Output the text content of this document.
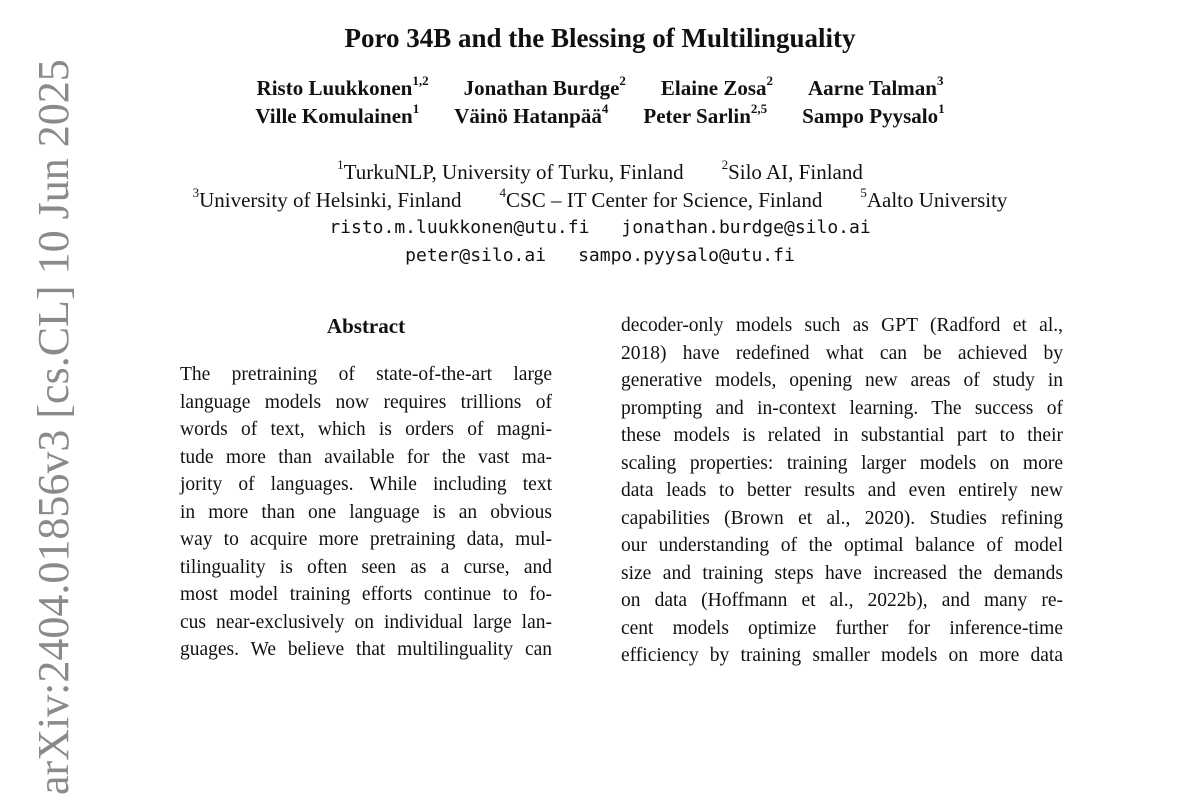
Poro 34B and the Blessing of Multilinguality
Risto Luukkonen$^{1,2}$ Jonathan Burdge$^2$ Elaine Zosa$^2$ Aarne Talman$^3$
Ville Komulainen$^1$ Väinö Hatanpää$^4$ Peter Sarlin$^{2,5}$ Sampo Pyysalo$^1$
$^1$TurkuNLP, University of Turku, Finland	$^2$Silo AI, Finland
$^3$University of Helsinki, Finland	$^4$CSC – IT Center for Science, Finland	$^5$Aalto University
risto.m.luukkonen@utu.fi jonathan.burdge@silo.ai
peter@silo.ai sampo.pyysalo@utu.fi
Abstract
The pretraining of state-of-the-art large
language models now requires trillions of
words of text, which is orders of magni-
tude more than available for the vast ma-
jority of languages. While including text
in more than one language is an obvious
way to acquire more pretraining data, mul-
tilinguality is often seen as a curse, and
most model training efforts continue to fo-
cus near-exclusively on individual large lan-
guages. We believe that multilinguality can
decoder-only models such as GPT (Radford et al.,
2018) have redefined what can be achieved by
generative models, opening new areas of study in
prompting and in-context learning. The success of
these models is related in substantial part to their
scaling properties: training larger models on more
data leads to better results and even entirely new
capabilities (Brown et al., 2020). Studies refining
our understanding of the optimal balance of model
size and training steps have increased the demands
on data (Hoffmann et al., 2022b), and many re-
cent models optimize further for inference-time
efficiency by training smaller models on more data
arXiv:2404.01856v3 [cs.CL] 10 Jun 2025
